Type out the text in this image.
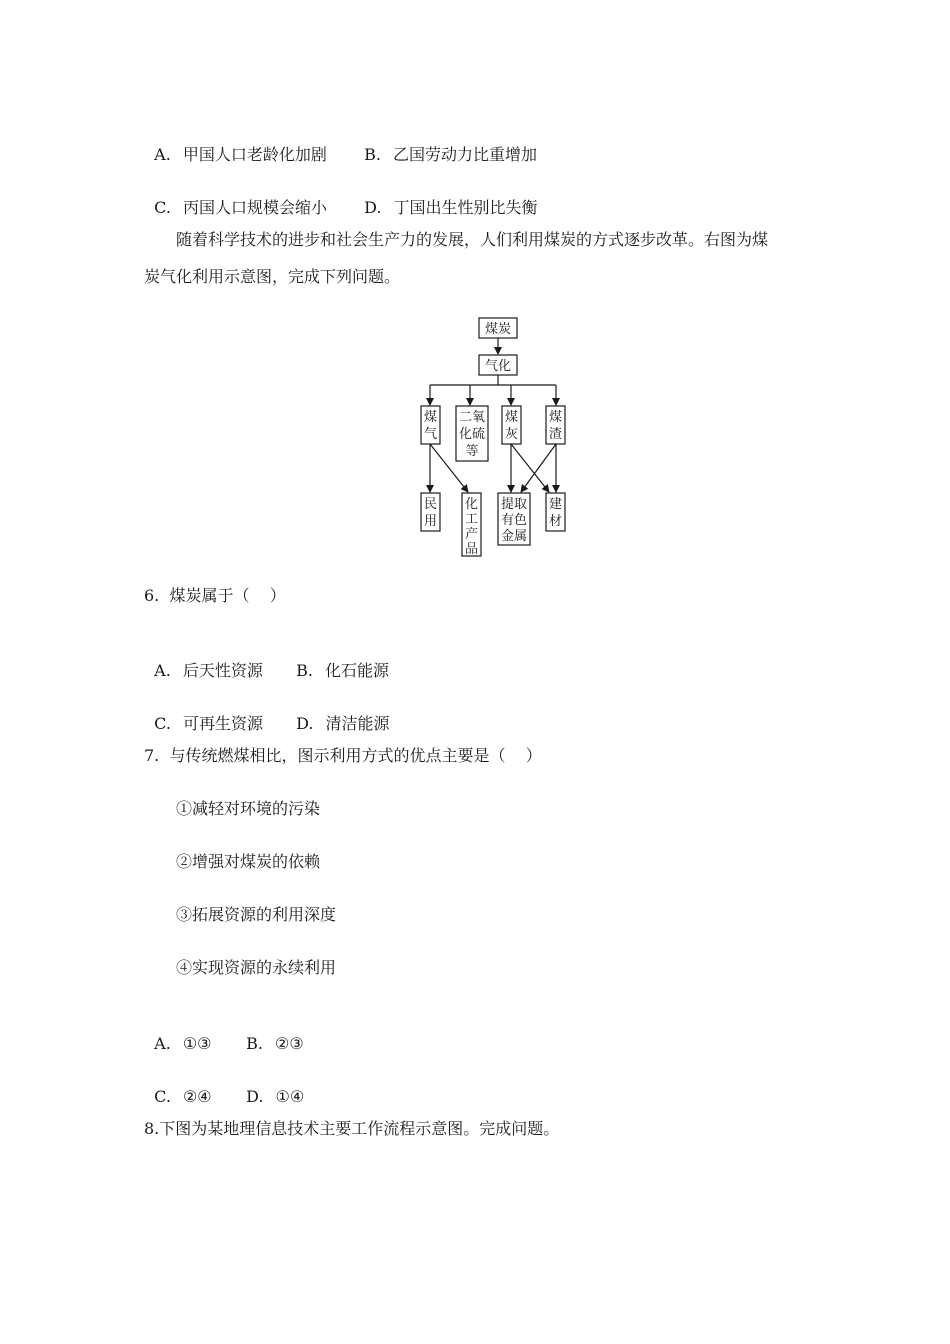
A. 甲国人口老龄化加剧	B. 乙国劳动力比重增加

C. 丙国人口规模会缩小	D. 丁国出生性别比失衡

随着科学技术的进步和社会生产力的发展，人们利用煤炭的方式逐步改革。右图为煤
炭气化利用示意图，完成下列问题。
煤炭
气化
煤
气
二氧
化硫
等
煤
灰
煤
渣
民
用
化
工
产
品
提取
有色
金属
建
材
6.  煤炭属于（    ）

A. 后天性资源	B. 化石能源

C. 可再生资源	D. 清洁能源

7.  与传统燃煤相比，图示利用方式的优点主要是（    ）
①减轻对环境的污染
②增强对煤炭的依赖
③拓展资源的利用深度
④实现资源的永续利用

A. ①③	B. ②③

C. ②④	D. ①④

8.下图为某地理信息技术主要工作流程示意图。完成问题。
